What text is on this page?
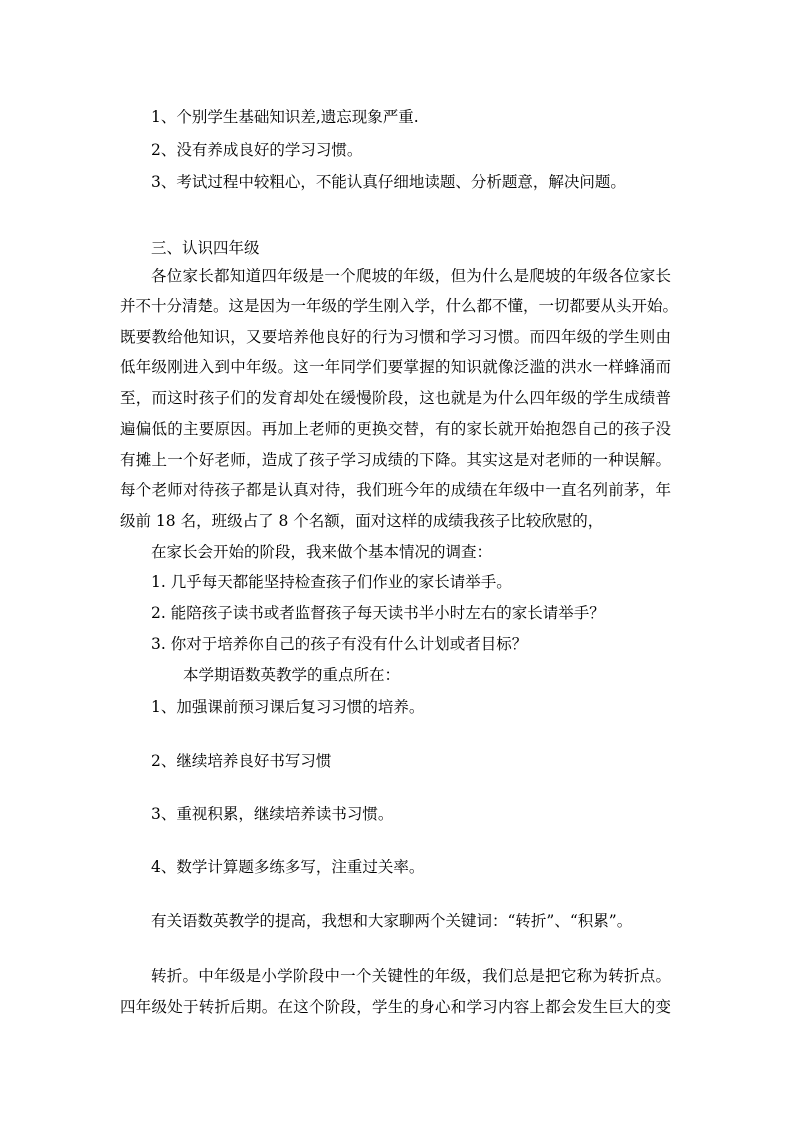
1、个别学生基础知识差,遗忘现象严重.
2、没有养成良好的学习习惯。
3、考试过程中较粗心，不能认真仔细地读题、分析题意，解决问题。
三、认识四年级
各位家长都知道四年级是一个爬坡的年级，但为什么是爬坡的年级各位家长
并不十分清楚。这是因为一年级的学生刚入学，什么都不懂，一切都要从头开始。
既要教给他知识，又要培养他良好的行为习惯和学习习惯。而四年级的学生则由
低年级刚进入到中年级。这一年同学们要掌握的知识就像泛滥的洪水一样蜂涌而
至，而这时孩子们的发育却处在缓慢阶段，这也就是为什么四年级的学生成绩普
遍偏低的主要原因。再加上老师的更换交替，有的家长就开始抱怨自己的孩子没
有摊上一个好老师，造成了孩子学习成绩的下降。其实这是对老师的一种误解。
每个老师对待孩子都是认真对待，我们班今年的成绩在年级中一直名列前茅，年
级前 18 名，班级占了 8 个名额，面对这样的成绩我孩子比较欣慰的，
在家长会开始的阶段，我来做个基本情况的调查：
1. 几乎每天都能坚持检查孩子们作业的家长请举手。
2. 能陪孩子读书或者监督孩子每天读书半小时左右的家长请举手？
3. 你对于培养你自己的孩子有没有什么计划或者目标？
本学期语数英教学的重点所在：
1、加强课前预习课后复习习惯的培养。
2、继续培养良好书写习惯
3、重视积累，继续培养读书习惯。
4、数学计算题多练多写，注重过关率。
有关语数英教学的提高，我想和大家聊两个关键词：“转折”、“积累”。
转折。中年级是小学阶段中一个关键性的年级，我们总是把它称为转折点。
四年级处于转折后期。在这个阶段，学生的身心和学习内容上都会发生巨大的变
